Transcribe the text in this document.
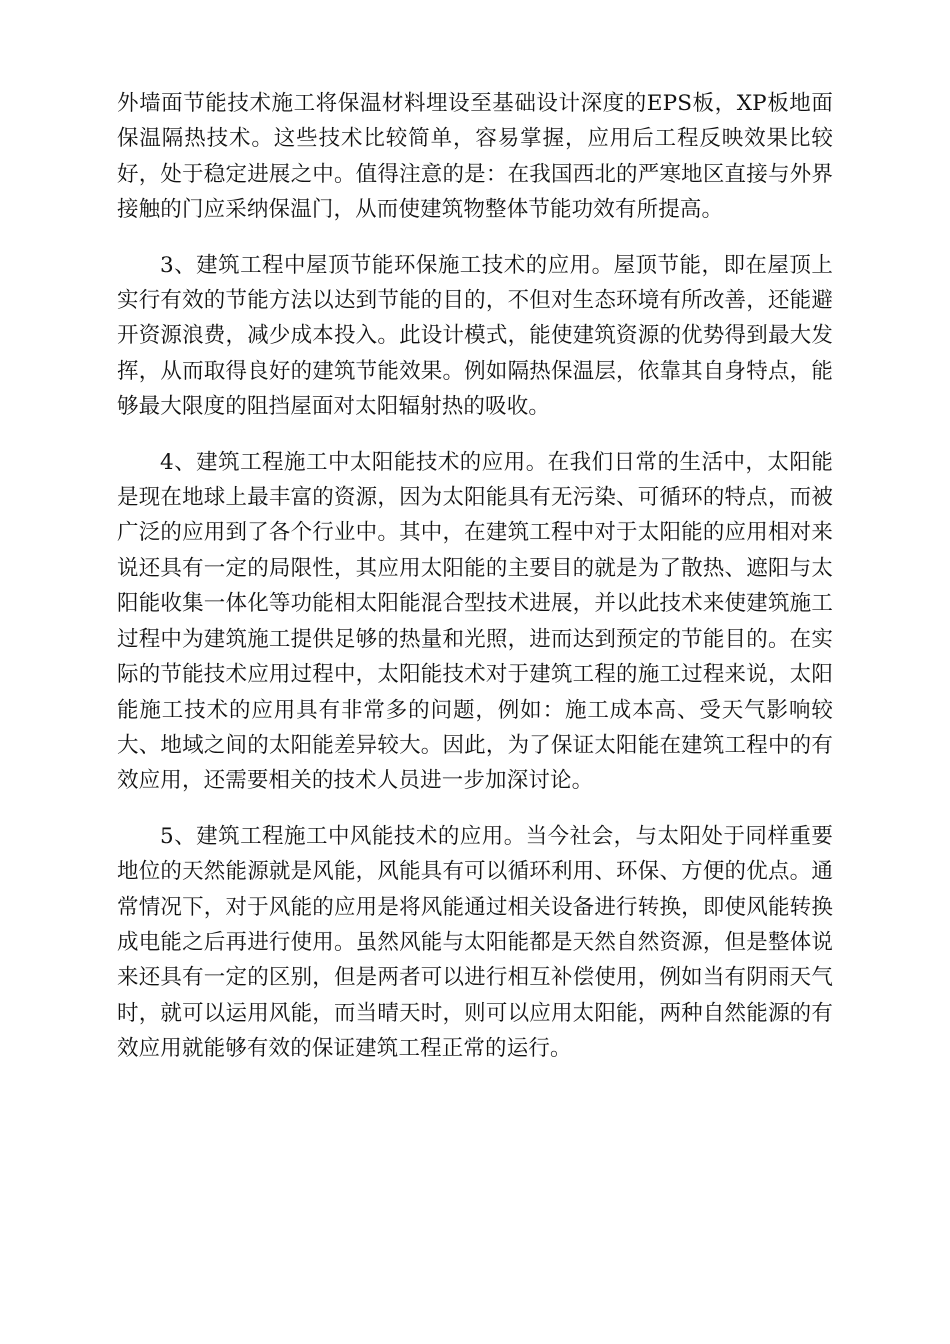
外墙面节能技术施工将保温材料埋设至基础设计深度的EPS板，XP板地面保温隔热技术。这些技术比较简单，容易掌握，应用后工程反映效果比较好，处于稳定进展之中。值得注意的是：在我国西北的严寒地区直接与外界接触的门应采纳保温门，从而使建筑物整体节能功效有所提高。

3、建筑工程中屋顶节能环保施工技术的应用。屋顶节能，即在屋顶上实行有效的节能方法以达到节能的目的，不但对生态环境有所改善，还能避开资源浪费，减少成本投入。此设计模式，能使建筑资源的优势得到最大发挥，从而取得良好的建筑节能效果。例如隔热保温层，依靠其自身特点，能够最大限度的阻挡屋面对太阳辐射热的吸收。

4、建筑工程施工中太阳能技术的应用。在我们日常的生活中，太阳能是现在地球上最丰富的资源，因为太阳能具有无污染、可循环的特点，而被广泛的应用到了各个行业中。其中，在建筑工程中对于太阳能的应用相对来说还具有一定的局限性，其应用太阳能的主要目的就是为了散热、遮阳与太阳能收集一体化等功能相太阳能混合型技术进展，并以此技术来使建筑施工过程中为建筑施工提供足够的热量和光照，进而达到预定的节能目的。在实际的节能技术应用过程中，太阳能技术对于建筑工程的施工过程来说，太阳能施工技术的应用具有非常多的问题，例如：施工成本高、受天气影响较大、地域之间的太阳能差异较大。因此，为了保证太阳能在建筑工程中的有效应用，还需要相关的技术人员进一步加深讨论。

5、建筑工程施工中风能技术的应用。当今社会，与太阳处于同样重要地位的天然能源就是风能，风能具有可以循环利用、环保、方便的优点。通常情况下，对于风能的应用是将风能通过相关设备进行转换，即使风能转换成电能之后再进行使用。虽然风能与太阳能都是天然自然资源，但是整体说来还具有一定的区别，但是两者可以进行相互补偿使用，例如当有阴雨天气时，就可以运用风能，而当晴天时，则可以应用太阳能，两种自然能源的有效应用就能够有效的保证建筑工程正常的运行。
